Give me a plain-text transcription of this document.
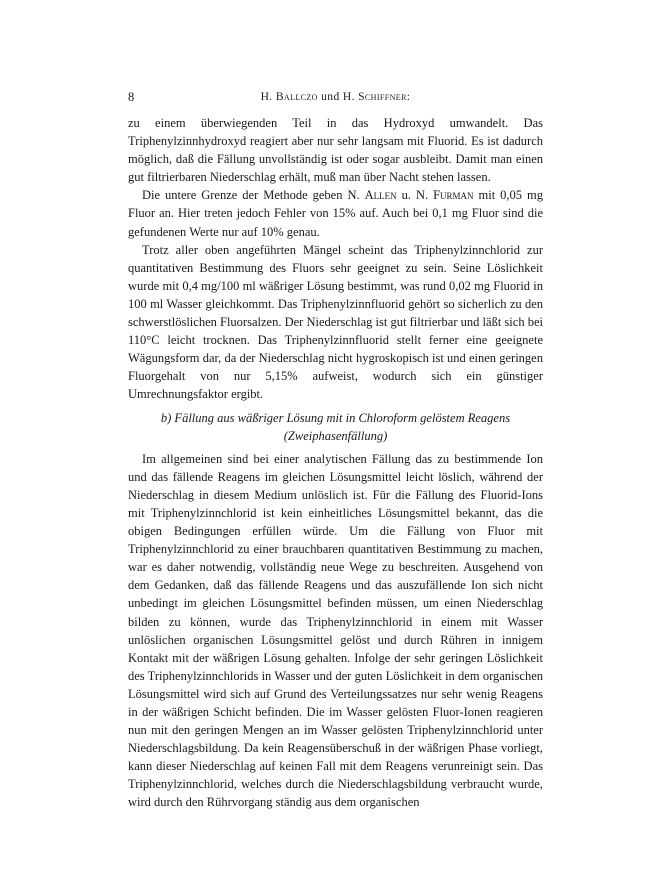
8	H. Ballczo und H. Schiffner:

zu einem überwiegenden Teil in das Hydroxyd umwandelt. Das Triphenylzinnhydroxyd reagiert aber nur sehr langsam mit Fluorid. Es ist dadurch möglich, daß die Fällung unvollständig ist oder sogar ausbleibt. Damit man einen gut filtrierbaren Niederschlag erhält, muß man über Nacht stehen lassen.

Die untere Grenze der Methode geben N. Allen u. N. Furman mit 0,05 mg Fluor an. Hier treten jedoch Fehler von 15% auf. Auch bei 0,1 mg Fluor sind die gefundenen Werte nur auf 10% genau.

Trotz aller oben angeführten Mängel scheint das Triphenylzinnchlorid zur quantitativen Bestimmung des Fluors sehr geeignet zu sein. Seine Löslichkeit wurde mit 0,4 mg/100 ml wäßriger Lösung bestimmt, was rund 0,02 mg Fluorid in 100 ml Wasser gleichkommt. Das Triphenylzinnfluorid gehört so sicherlich zu den schwerstlöslichen Fluorsalzen. Der Niederschlag ist gut filtrierbar und läßt sich bei 110°C leicht trocknen. Das Triphenylzinnfluorid stellt ferner eine geeignete Wägungsform dar, da der Niederschlag nicht hygroskopisch ist und einen geringen Fluorgehalt von nur 5,15% aufweist, wodurch sich ein günstiger Umrechnungsfaktor ergibt.

b) Fällung aus wäßriger Lösung mit in Chloroform gelöstem Reagens
(Zweiphasenfällung)

Im allgemeinen sind bei einer analytischen Fällung das zu bestimmende Ion und das fällende Reagens im gleichen Lösungsmittel leicht löslich, während der Niederschlag in diesem Medium unlöslich ist. Für die Fällung des Fluorid-Ions mit Triphenylzinnchlorid ist kein einheitliches Lösungsmittel bekannt, das die obigen Bedingungen erfüllen würde. Um die Fällung von Fluor mit Triphenylzinnchlorid zu einer brauchbaren quantitativen Bestimmung zu machen, war es daher notwendig, vollständig neue Wege zu beschreiten. Ausgehend von dem Gedanken, daß das fällende Reagens und das auszufällende Ion sich nicht unbedingt im gleichen Lösungsmittel befinden müssen, um einen Niederschlag bilden zu können, wurde das Triphenylzinnchlorid in einem mit Wasser unlöslichen organischen Lösungsmittel gelöst und durch Rühren in innigem Kontakt mit der wäßrigen Lösung gehalten. Infolge der sehr geringen Löslichkeit des Triphenylzinnchlorids in Wasser und der guten Löslichkeit in dem organischen Lösungsmittel wird sich auf Grund des Verteilungssatzes nur sehr wenig Reagens in der wäßrigen Schicht befinden. Die im Wasser gelösten Fluor-Ionen reagieren nun mit den geringen Mengen an im Wasser gelösten Triphenylzinnchlorid unter Niederschlagsbildung. Da kein Reagensüberschuß in der wäßrigen Phase vorliegt, kann dieser Niederschlag auf keinen Fall mit dem Reagens verunreinigt sein. Das Triphenylzinnchlorid, welches durch die Niederschlagsbildung verbraucht wurde, wird durch den Rührvorgang ständig aus dem organischen
